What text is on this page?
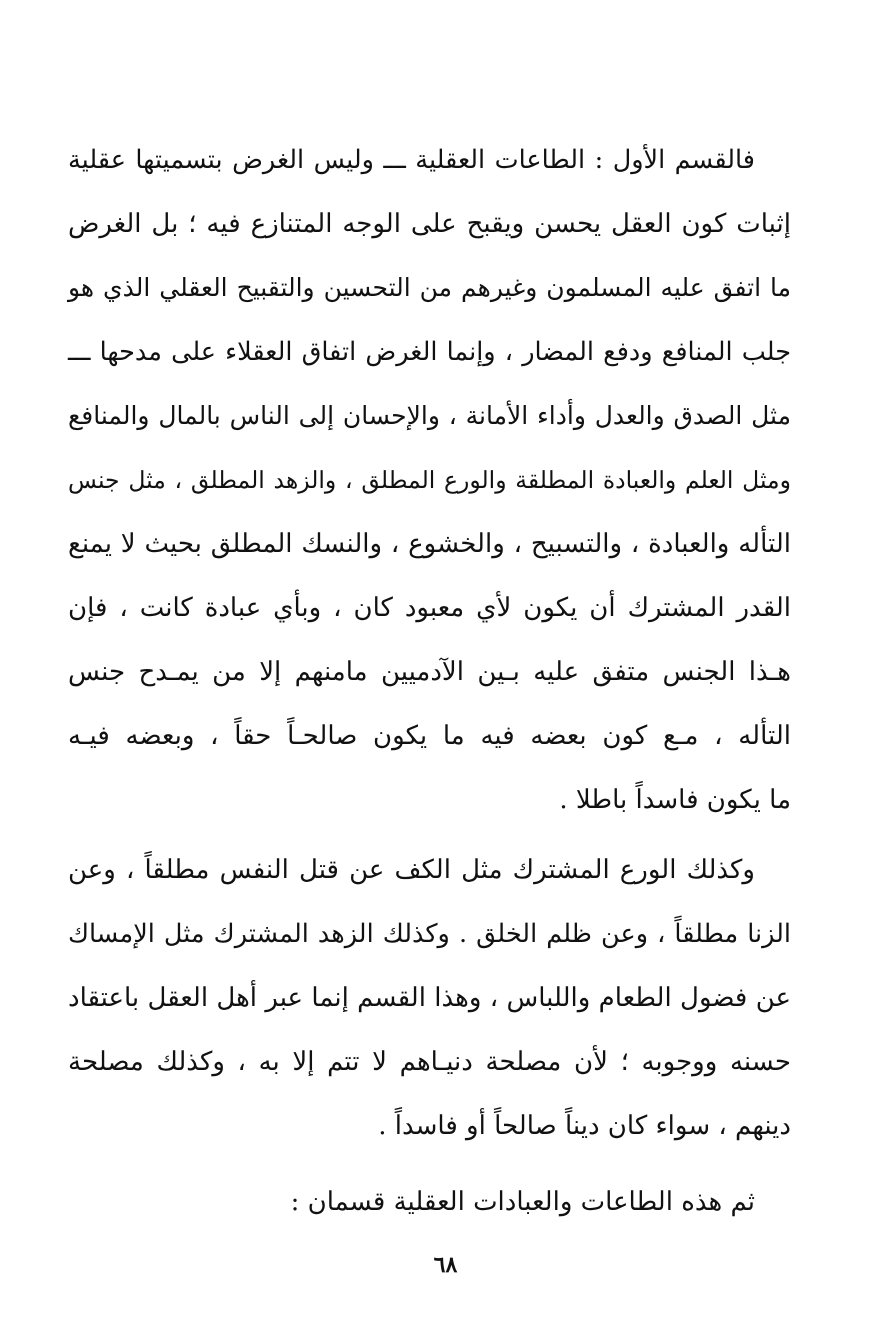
فالقسم الأول : الطاعات العقلية ـــ وليس الغرض بتسميتها عقلية
إثبات كون العقل يحسن ويقبح على الوجه المتنازع فيه ؛ بل الغرض
ما اتفق عليه المسلمون وغيرهم من التحسين والتقبيح العقلي الذي هو
جلب المنافع ودفع المضار ، وإنما الغرض اتفاق العقلاء على مدحها ـــ
مثل الصدق والعدل وأداء الأمانة ، والإحسان إلى الناس بالمال والمنافع
ومثل العلم والعبادة المطلقة والورع المطلق ، والزهد المطلق ، مثل جنس
التأله والعبادة ، والتسبيح ، والخشوع ، والنسك المطلق بحيث لا يمنع
القدر المشترك أن يكون لأي معبود كان ، وبأي عبادة كانت ، فإن
هـذا الجنس متفق عليه بـين الآدميين مامنهم إلا من يمـدح جنس
التأله ، مـع كون بعضه فيه ما يكون صالحـاً حقاً ، وبعضه فيـه
ما يكون فاسداً باطلا .
وكذلك الورع المشترك مثل الكف عن قتل النفس مطلقاً ، وعن
الزنا مطلقاً ، وعن ظلم الخلق . وكذلك الزهد المشترك مثل الإمساك
عن فضول الطعام واللباس ، وهذا القسم إنما عبر أهل العقل باعتقاد
حسنه ووجوبه ؛ لأن مصلحة دنيـاهم لا تتم إلا به ، وكذلك مصلحة
دينهم ، سواء كان ديناً صالحاً أو فاسداً .
ثم هذه الطاعات والعبادات العقلية قسمان :
٦٨
